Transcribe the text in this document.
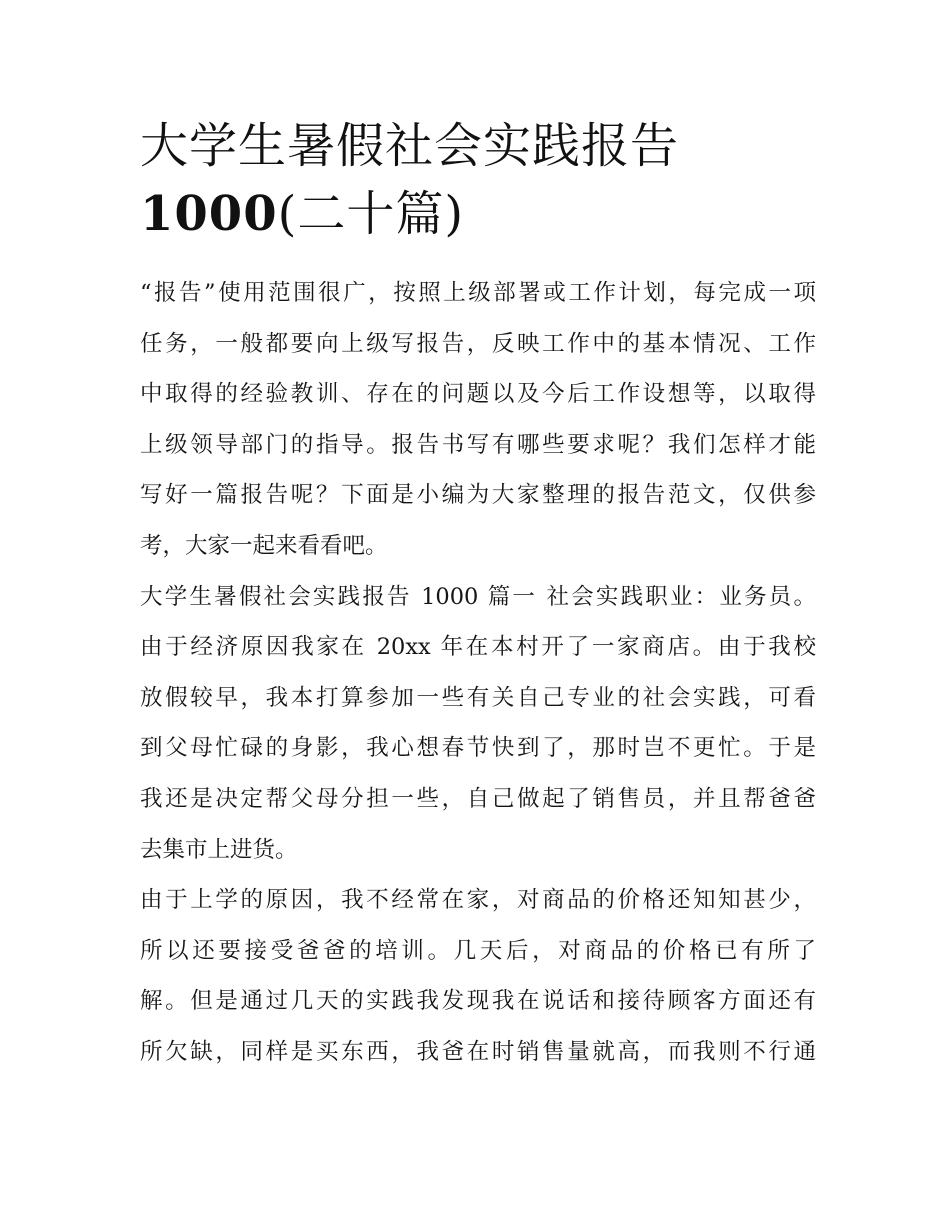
大学生暑假社会实践报告
1000(二十篇)
“报告”使用范围很广，按照上级部署或工作计划，每完成一项
任务，一般都要向上级写报告，反映工作中的基本情况、工作
中取得的经验教训、存在的问题以及今后工作设想等，以取得
上级领导部门的指导。报告书写有哪些要求呢？我们怎样才能
写好一篇报告呢？下面是小编为大家整理的报告范文，仅供参
考，大家一起来看看吧。
大学生暑假社会实践报告 1000 篇一 社会实践职业：业务员。
由于经济原因我家在 20xx 年在本村开了一家商店。由于我校
放假较早，我本打算参加一些有关自己专业的社会实践，可看
到父母忙碌的身影，我心想春节快到了，那时岂不更忙。于是
我还是决定帮父母分担一些，自己做起了销售员，并且帮爸爸
去集市上进货。
由于上学的原因，我不经常在家，对商品的价格还知知甚少，
所以还要接受爸爸的培训。几天后，对商品的价格已有所了
解。但是通过几天的实践我发现我在说话和接待顾客方面还有
所欠缺，同样是买东西，我爸在时销售量就高，而我则不行通
